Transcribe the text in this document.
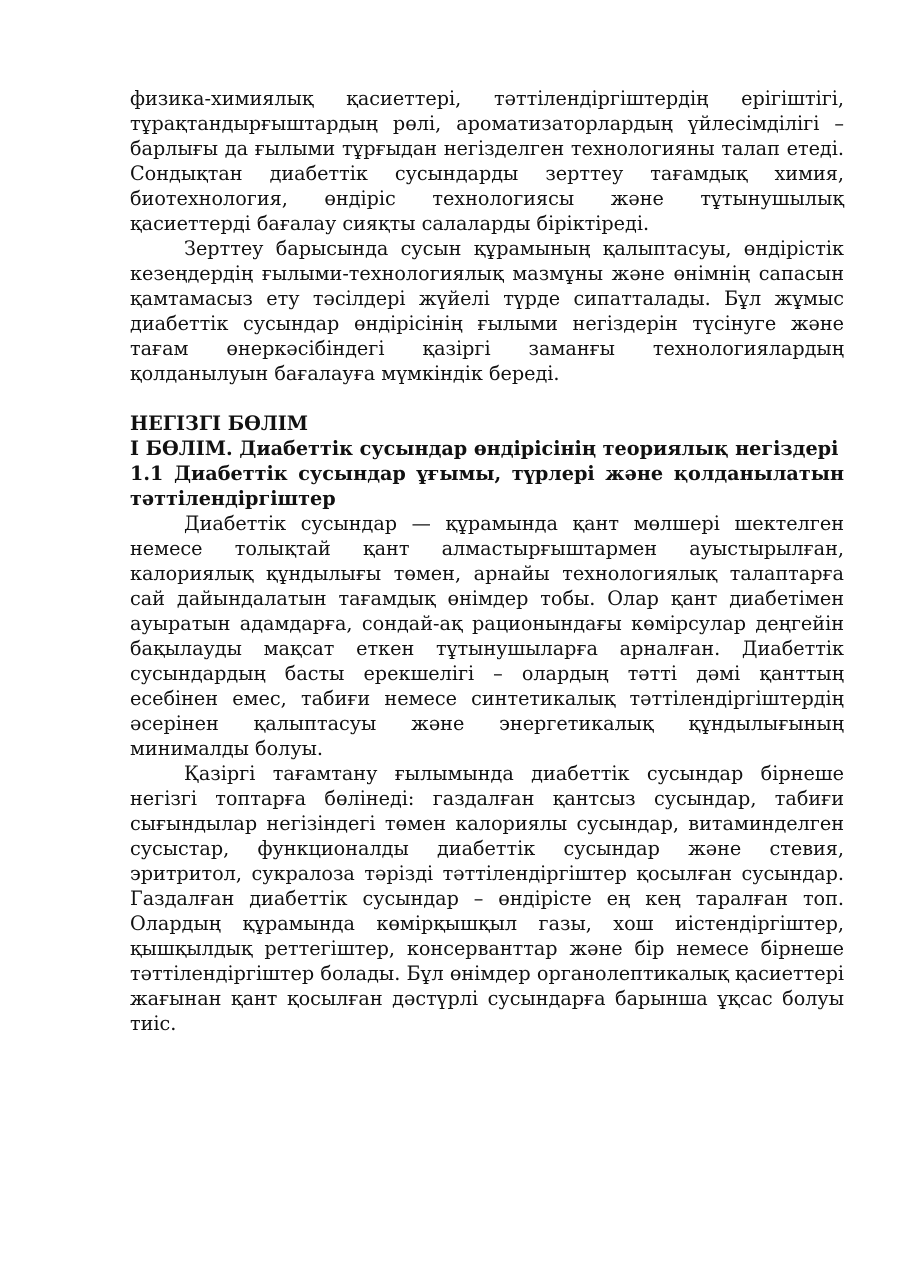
физика-химиялық қасиеттері, тәттілендіргіштердің ерігіштігі, тұрақтандырғыштардың рөлі, ароматизаторлардың үйлесімділігі – барлығы да ғылыми тұрғыдан негізделген технологияны талап етеді. Сондықтан диабеттік сусындарды зерттеу тағамдық химия, биотехнология, өндіріс технологиясы және тұтынушылық қасиеттерді бағалау сияқты салаларды біріктіреді.

Зерттеу барысында сусын құрамының қалыптасуы, өндірістік кезеңдердің ғылыми-технологиялық мазмұны және өнімнің сапасын қамтамасыз ету тәсілдері жүйелі түрде сипатталады. Бұл жұмыс диабеттік сусындар өндірісінің ғылыми негіздерін түсінуге және тағам өнеркәсібіндегі қазіргі заманғы технологиялардың қолданылуын бағалауға мүмкіндік береді.

НЕГІЗГІ БӨЛІМ

I БӨЛІМ. Диабеттік сусындар өндірісінің теориялық негіздері

1.1 Диабеттік сусындар ұғымы, түрлері және қолданылатын тәттілендіргіштер

Диабеттік сусындар — құрамында қант мөлшері шектелген немесе толықтай қант алмастырғыштармен ауыстырылған, калориялық құндылығы төмен, арнайы технологиялық талаптарға сай дайындалатын тағамдық өнімдер тобы. Олар қант диабетімен ауыратын адамдарға, сондай-ақ рационындағы көмірсулар деңгейін бақылауды мақсат еткен тұтынушыларға арналған. Диабеттік сусындардың басты ерекшелігі – олардың тәтті дәмі қанттың есебінен емес, табиғи немесе синтетикалық тәттілендіргіштердің әсерінен қалыптасуы және энергетикалық құндылығының минималды болуы.

Қазіргі тағамтану ғылымында диабеттік сусындар бірнеше негізгі топтарға бөлінеді: газдалған қантсыз сусындар, табиғи сығындылар негізіндегі төмен калориялы сусындар, витаминделген сусыстар, функционалды диабеттік сусындар және стевия, эритритол, сукралоза тәрізді тәттілендіргіштер қосылған сусындар. Газдалған диабеттік сусындар – өндірісте ең кең таралған топ. Олардың құрамында көмірқышқыл газы, хош иістендіргіштер, қышқылдық реттегіштер, консерванттар және бір немесе бірнеше тәттілендіргіштер болады. Бұл өнімдер органолептикалық қасиеттері жағынан қант қосылған дәстүрлі сусындарға барынша ұқсас болуы тиіс.
